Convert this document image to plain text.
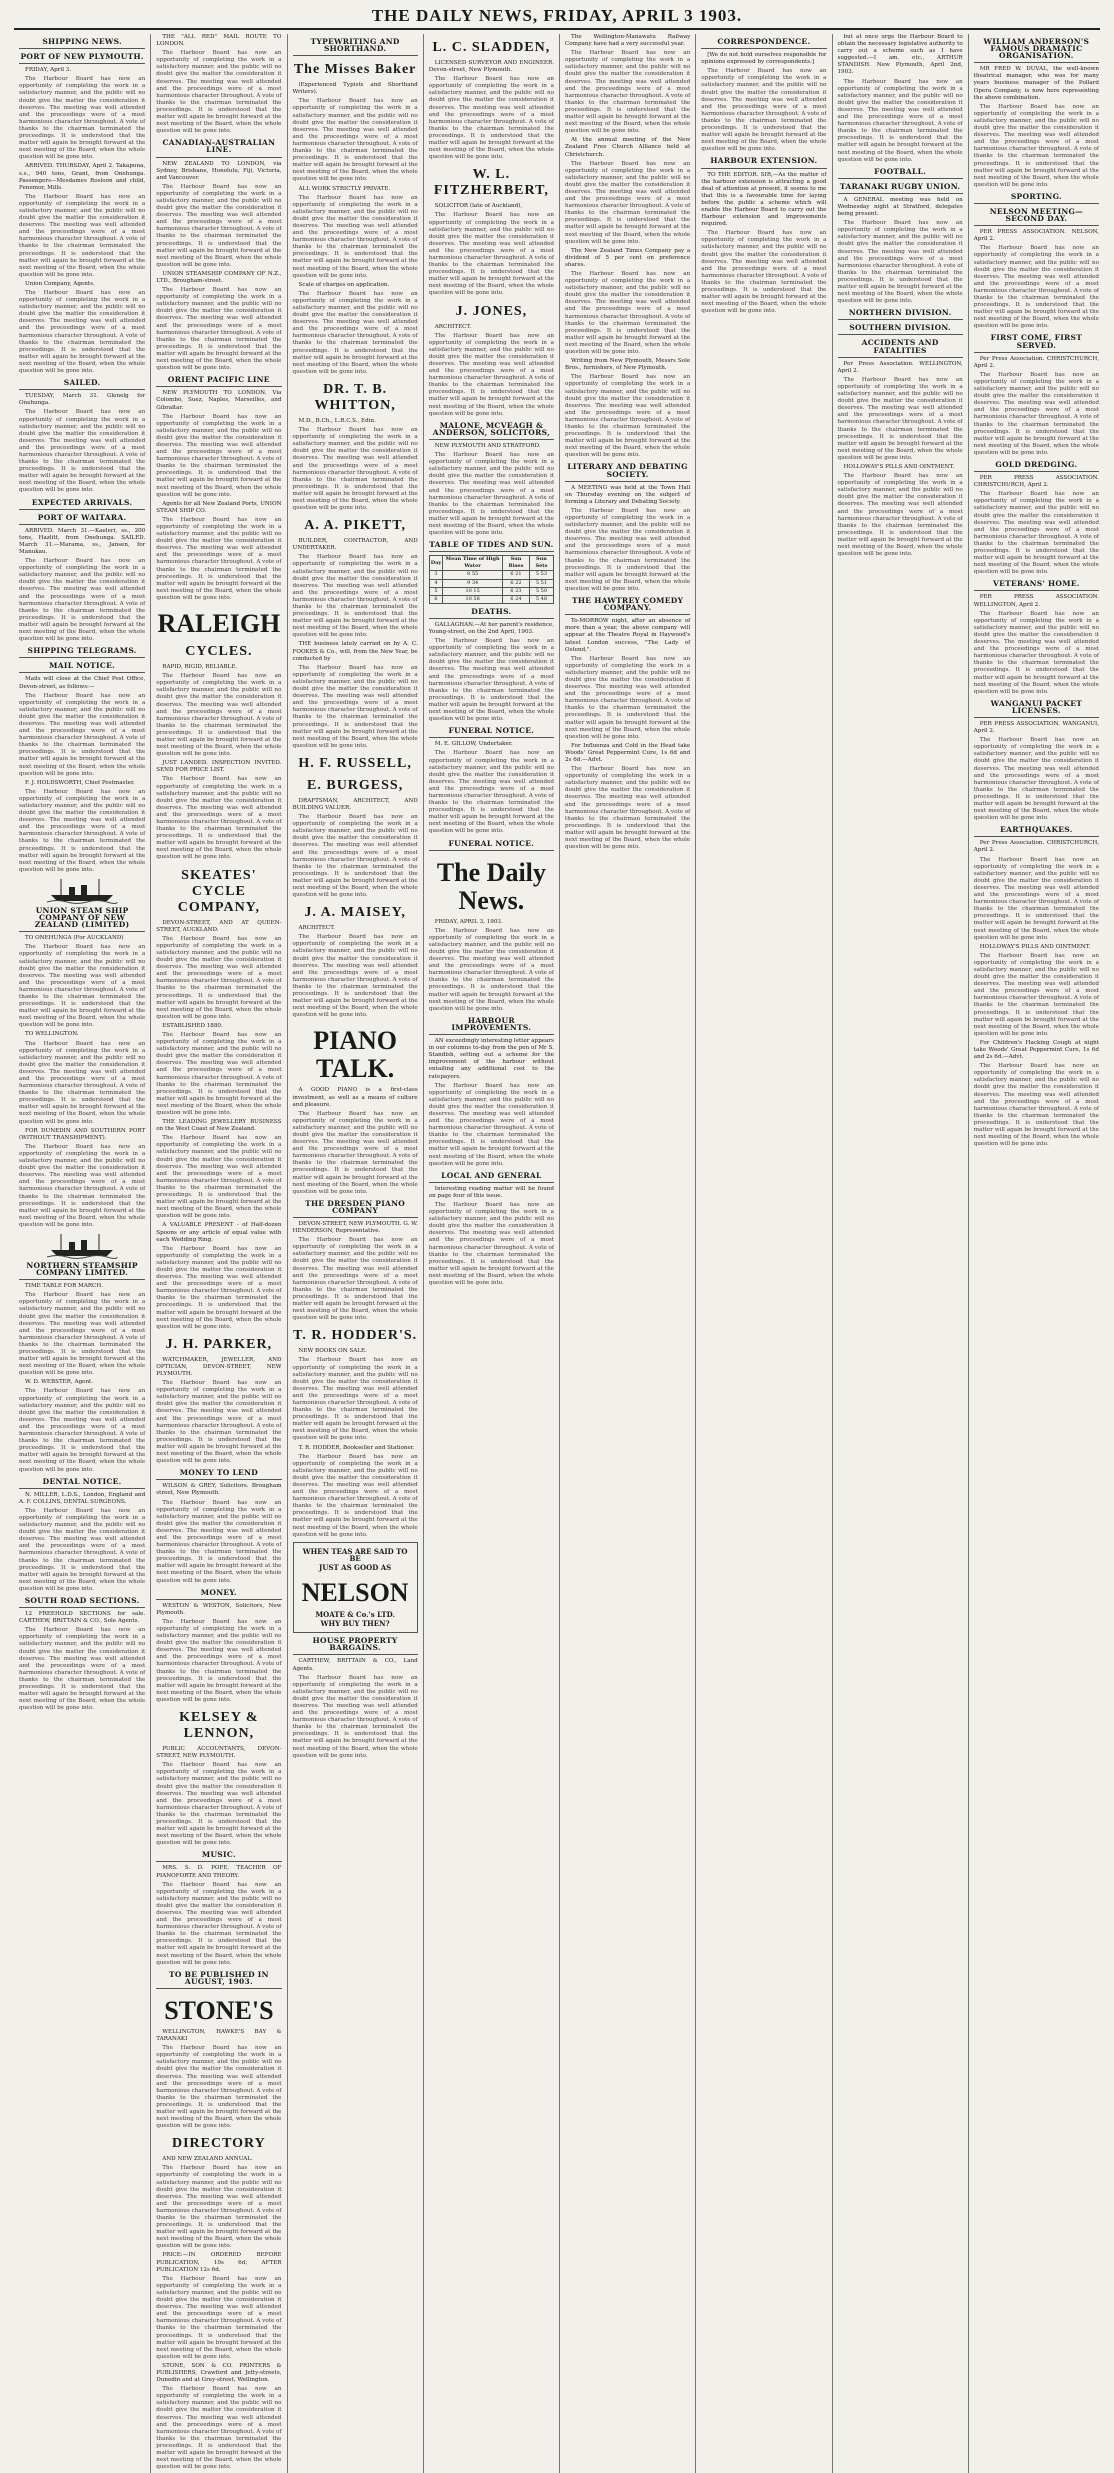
THE DAILY NEWS, FRIDAY, APRIL 3 1903.
SHIPPING NEWS.
PORT OF NEW PLYMOUTH.

FRIDAY, April 3.

The Harbour Board has now an opportunity of completing the work in a satisfactory manner, and the public will no doubt give the matter the consideration it deserves. The meeting was well attended and the proceedings were of a most harmonious character throughout. A vote of thanks to the chairman terminated the proceedings. It is understood that the matter will again be brought forward at the next meeting of the Board, when the whole question will be gone into.

ARRIVED. THURSDAY, April 2. Takapuna, s.s., 940 tons, Grant, from Onehunga. Passengers—Mesdames Rosloon and child, Fenemor, Mills.

The Harbour Board has now an opportunity of completing the work in a satisfactory manner, and the public will no doubt give the matter the consideration it deserves. The meeting was well attended and the proceedings were of a most harmonious character throughout. A vote of thanks to the chairman terminated the proceedings. It is understood that the matter will again be brought forward at the next meeting of the Board, when the whole question will be gone into.

Union Company, Agents.

The Harbour Board has now an opportunity of completing the work in a satisfactory manner, and the public will no doubt give the matter the consideration it deserves. The meeting was well attended and the proceedings were of a most harmonious character throughout. A vote of thanks to the chairman terminated the proceedings. It is understood that the matter will again be brought forward at the next meeting of the Board, when the whole question will be gone into.

SAILED.

TUESDAY, March 31. Glenelg for Onehunga.

The Harbour Board has now an opportunity of completing the work in a satisfactory manner, and the public will no doubt give the matter the consideration it deserves. The meeting was well attended and the proceedings were of a most harmonious character throughout. A vote of thanks to the chairman terminated the proceedings. It is understood that the matter will again be brought forward at the next meeting of the Board, when the whole question will be gone into.

EXPECTED ARRIVALS.
PORT OF WAITARA.

ARRIVED. March 31.—Kaeleri, ss., 200 tons, Hazlitt, from Onehunga. SAILED. March 31.—Marama, ss., Jansen, for Manukau.

The Harbour Board has now an opportunity of completing the work in a satisfactory manner, and the public will no doubt give the matter the consideration it deserves. The meeting was well attended and the proceedings were of a most harmonious character throughout. A vote of thanks to the chairman terminated the proceedings. It is understood that the matter will again be brought forward at the next meeting of the Board, when the whole question will be gone into.

SHIPPING TELEGRAMS.
MAIL NOTICE.

Mails will close at the Chief Post Office, Devon-street, as follows:—

The Harbour Board has now an opportunity of completing the work in a satisfactory manner, and the public will no doubt give the matter the consideration it deserves. The meeting was well attended and the proceedings were of a most harmonious character throughout. A vote of thanks to the chairman terminated the proceedings. It is understood that the matter will again be brought forward at the next meeting of the Board, when the whole question will be gone into.

F. J. HOLDSWORTH, Chief Postmaster.

The Harbour Board has now an opportunity of completing the work in a satisfactory manner, and the public will no doubt give the matter the consideration it deserves. The meeting was well attended and the proceedings were of a most harmonious character throughout. A vote of thanks to the chairman terminated the proceedings. It is understood that the matter will again be brought forward at the next meeting of the Board, when the whole question will be gone into.

UNION STEAM SHIP COMPANY OF NEW ZEALAND (LIMITED)

TO ONEHUNGA (For AUCKLAND)

The Harbour Board has now an opportunity of completing the work in a satisfactory manner, and the public will no doubt give the matter the consideration it deserves. The meeting was well attended and the proceedings were of a most harmonious character throughout. A vote of thanks to the chairman terminated the proceedings. It is understood that the matter will again be brought forward at the next meeting of the Board, when the whole question will be gone into.

TO WELLINGTON.

The Harbour Board has now an opportunity of completing the work in a satisfactory manner, and the public will no doubt give the matter the consideration it deserves. The meeting was well attended and the proceedings were of a most harmonious character throughout. A vote of thanks to the chairman terminated the proceedings. It is understood that the matter will again be brought forward at the next meeting of the Board, when the whole question will be gone into.

FOR DUNEDIN AND SOUTHERN PORT (WITHOUT TRANSHIPMENT).

The Harbour Board has now an opportunity of completing the work in a satisfactory manner, and the public will no doubt give the matter the consideration it deserves. The meeting was well attended and the proceedings were of a most harmonious character throughout. A vote of thanks to the chairman terminated the proceedings. It is understood that the matter will again be brought forward at the next meeting of the Board, when the whole question will be gone into.

NORTHERN STEAMSHIP COMPANY LIMITED.

TIME TABLE FOR MARCH.

The Harbour Board has now an opportunity of completing the work in a satisfactory manner, and the public will no doubt give the matter the consideration it deserves. The meeting was well attended and the proceedings were of a most harmonious character throughout. A vote of thanks to the chairman terminated the proceedings. It is understood that the matter will again be brought forward at the next meeting of the Board, when the whole question will be gone into.

W. D. WEBSTER, Agent.

The Harbour Board has now an opportunity of completing the work in a satisfactory manner, and the public will no doubt give the matter the consideration it deserves. The meeting was well attended and the proceedings were of a most harmonious character throughout. A vote of thanks to the chairman terminated the proceedings. It is understood that the matter will again be brought forward at the next meeting of the Board, when the whole question will be gone into.

DENTAL NOTICE.

N. MILLER, L.D.S., London, England and A. F. COLLINS, DENTAL SURGEONS.

The Harbour Board has now an opportunity of completing the work in a satisfactory manner, and the public will no doubt give the matter the consideration it deserves. The meeting was well attended and the proceedings were of a most harmonious character throughout. A vote of thanks to the chairman terminated the proceedings. It is understood that the matter will again be brought forward at the next meeting of the Board, when the whole question will be gone into.

SOUTH ROAD SECTIONS.

12 FREEHOLD SECTIONS for sale. CARTHEW, BRITTAIN & CO., Sole Agents.

The Harbour Board has now an opportunity of completing the work in a satisfactory manner, and the public will no doubt give the matter the consideration it deserves. The meeting was well attended and the proceedings were of a most harmonious character throughout. A vote of thanks to the chairman terminated the proceedings. It is understood that the matter will again be brought forward at the next meeting of the Board, when the whole question will be gone into.

THE "ALL RED" MAIL ROUTE TO LONDON.

The Harbour Board has now an opportunity of completing the work in a satisfactory manner, and the public will no doubt give the matter the consideration it deserves. The meeting was well attended and the proceedings were of a most harmonious character throughout. A vote of thanks to the chairman terminated the proceedings. It is understood that the matter will again be brought forward at the next meeting of the Board, when the whole question will be gone into.

CANADIAN-AUSTRALIAN LINE.

NEW ZEALAND TO LONDON, via Sydney, Brisbane, Honolulu, Fiji, Victoria, and Vancouver.

The Harbour Board has now an opportunity of completing the work in a satisfactory manner, and the public will no doubt give the matter the consideration it deserves. The meeting was well attended and the proceedings were of a most harmonious character throughout. A vote of thanks to the chairman terminated the proceedings. It is understood that the matter will again be brought forward at the next meeting of the Board, when the whole question will be gone into.

UNION STEAMSHIP COMPANY OF N.Z., LTD., Brougham-street.

The Harbour Board has now an opportunity of completing the work in a satisfactory manner, and the public will no doubt give the matter the consideration it deserves. The meeting was well attended and the proceedings were of a most harmonious character throughout. A vote of thanks to the chairman terminated the proceedings. It is understood that the matter will again be brought forward at the next meeting of the Board, when the whole question will be gone into.

ORIENT PACIFIC LINE

NEW PLYMOUTH TO LONDON. Via Colombo, Suez, Naples, Marseilles, and Gibraltar.

The Harbour Board has now an opportunity of completing the work in a satisfactory manner, and the public will no doubt give the matter the consideration it deserves. The meeting was well attended and the proceedings were of a most harmonious character throughout. A vote of thanks to the chairman terminated the proceedings. It is understood that the matter will again be brought forward at the next meeting of the Board, when the whole question will be gone into.

Agents for all New Zealand Ports, UNION STEAM SHIP CO.

The Harbour Board has now an opportunity of completing the work in a satisfactory manner, and the public will no doubt give the matter the consideration it deserves. The meeting was well attended and the proceedings were of a most harmonious character throughout. A vote of thanks to the chairman terminated the proceedings. It is understood that the matter will again be brought forward at the next meeting of the Board, when the whole question will be gone into.

RALEIGH
CYCLES.

RAPID, RIGID, RELIABLE.

The Harbour Board has now an opportunity of completing the work in a satisfactory manner, and the public will no doubt give the matter the consideration it deserves. The meeting was well attended and the proceedings were of a most harmonious character throughout. A vote of thanks to the chairman terminated the proceedings. It is understood that the matter will again be brought forward at the next meeting of the Board, when the whole question will be gone into.

JUST LANDED. INSPECTION INVITED. SEND FOR PRICE LIST.

The Harbour Board has now an opportunity of completing the work in a satisfactory manner, and the public will no doubt give the matter the consideration it deserves. The meeting was well attended and the proceedings were of a most harmonious character throughout. A vote of thanks to the chairman terminated the proceedings. It is understood that the matter will again be brought forward at the next meeting of the Board, when the whole question will be gone into.

SKEATES' CYCLE COMPANY,

DEVON-STREET, AND AT QUEEN-STREET, AUCKLAND.

The Harbour Board has now an opportunity of completing the work in a satisfactory manner, and the public will no doubt give the matter the consideration it deserves. The meeting was well attended and the proceedings were of a most harmonious character throughout. A vote of thanks to the chairman terminated the proceedings. It is understood that the matter will again be brought forward at the next meeting of the Board, when the whole question will be gone into.

ESTABLISHED 1880.

The Harbour Board has now an opportunity of completing the work in a satisfactory manner, and the public will no doubt give the matter the consideration it deserves. The meeting was well attended and the proceedings were of a most harmonious character throughout. A vote of thanks to the chairman terminated the proceedings. It is understood that the matter will again be brought forward at the next meeting of the Board, when the whole question will be gone into.

THE LEADING JEWELLERY BUSINESS on the West Coast of New Zealand.

The Harbour Board has now an opportunity of completing the work in a satisfactory manner, and the public will no doubt give the matter the consideration it deserves. The meeting was well attended and the proceedings were of a most harmonious character throughout. A vote of thanks to the chairman terminated the proceedings. It is understood that the matter will again be brought forward at the next meeting of the Board, when the whole question will be gone into.

A VALUABLE PRESENT - of Half-dozen Spoons or any article of equal value with each Wedding Ring.

The Harbour Board has now an opportunity of completing the work in a satisfactory manner, and the public will no doubt give the matter the consideration it deserves. The meeting was well attended and the proceedings were of a most harmonious character throughout. A vote of thanks to the chairman terminated the proceedings. It is understood that the matter will again be brought forward at the next meeting of the Board, when the whole question will be gone into.

J. H. PARKER,

WATCHMAKER, JEWELLER, AND OPTICIAN, DEVON-STREET, NEW PLYMOUTH.

The Harbour Board has now an opportunity of completing the work in a satisfactory manner, and the public will no doubt give the matter the consideration it deserves. The meeting was well attended and the proceedings were of a most harmonious character throughout. A vote of thanks to the chairman terminated the proceedings. It is understood that the matter will again be brought forward at the next meeting of the Board, when the whole question will be gone into.

MONEY TO LEND

WILSON & GREY, Solicitors. Brougham street, New Plymouth.

The Harbour Board has now an opportunity of completing the work in a satisfactory manner, and the public will no doubt give the matter the consideration it deserves. The meeting was well attended and the proceedings were of a most harmonious character throughout. A vote of thanks to the chairman terminated the proceedings. It is understood that the matter will again be brought forward at the next meeting of the Board, when the whole question will be gone into.

MONEY.

WESTON & WESTON, Solicitors, New Plymouth.

The Harbour Board has now an opportunity of completing the work in a satisfactory manner, and the public will no doubt give the matter the consideration it deserves. The meeting was well attended and the proceedings were of a most harmonious character throughout. A vote of thanks to the chairman terminated the proceedings. It is understood that the matter will again be brought forward at the next meeting of the Board, when the whole question will be gone into.

KELSEY & LENNON,

PUBLIC ACCOUNTANTS, DEVON-STREET, NEW PLYMOUTH.

The Harbour Board has now an opportunity of completing the work in a satisfactory manner, and the public will no doubt give the matter the consideration it deserves. The meeting was well attended and the proceedings were of a most harmonious character throughout. A vote of thanks to the chairman terminated the proceedings. It is understood that the matter will again be brought forward at the next meeting of the Board, when the whole question will be gone into.

MUSIC.

MRS. S. D. POPE, TEACHER OF PIANOFORTE AND THEORY.

The Harbour Board has now an opportunity of completing the work in a satisfactory manner, and the public will no doubt give the matter the consideration it deserves. The meeting was well attended and the proceedings were of a most harmonious character throughout. A vote of thanks to the chairman terminated the proceedings. It is understood that the matter will again be brought forward at the next meeting of the Board, when the whole question will be gone into.

TO BE PUBLISHED IN AUGUST, 1903.
STONE'S

WELLINGTON, HAWKE'S BAY & TARANAKI

The Harbour Board has now an opportunity of completing the work in a satisfactory manner, and the public will no doubt give the matter the consideration it deserves. The meeting was well attended and the proceedings were of a most harmonious character throughout. A vote of thanks to the chairman terminated the proceedings. It is understood that the matter will again be brought forward at the next meeting of the Board, when the whole question will be gone into.

DIRECTORY

AND NEW ZEALAND ANNUAL.

The Harbour Board has now an opportunity of completing the work in a satisfactory manner, and the public will no doubt give the matter the consideration it deserves. The meeting was well attended and the proceedings were of a most harmonious character throughout. A vote of thanks to the chairman terminated the proceedings. It is understood that the matter will again be brought forward at the next meeting of the Board, when the whole question will be gone into.

PRICE:—IN ORDERED BEFORE PUBLICATION, 10s 6d; AFTER PUBLICATION 12s 6d.

The Harbour Board has now an opportunity of completing the work in a satisfactory manner, and the public will no doubt give the matter the consideration it deserves. The meeting was well attended and the proceedings were of a most harmonious character throughout. A vote of thanks to the chairman terminated the proceedings. It is understood that the matter will again be brought forward at the next meeting of the Board, when the whole question will be gone into.

STONE, SON & CO. PRINTERS & PUBLISHERS, Crawford and Jetty-streets, Dunedin and at Grey-street, Wellington.

The Harbour Board has now an opportunity of completing the work in a satisfactory manner, and the public will no doubt give the matter the consideration it deserves. The meeting was well attended and the proceedings were of a most harmonious character throughout. A vote of thanks to the chairman terminated the proceedings. It is understood that the matter will again be brought forward at the next meeting of the Board, when the whole question will be gone into.

TYPEWRITING AND SHORTHAND.
The Misses Baker

(Experienced Typists and Shorthand Writers).

The Harbour Board has now an opportunity of completing the work in a satisfactory manner, and the public will no doubt give the matter the consideration it deserves. The meeting was well attended and the proceedings were of a most harmonious character throughout. A vote of thanks to the chairman terminated the proceedings. It is understood that the matter will again be brought forward at the next meeting of the Board, when the whole question will be gone into.

ALL WORK STRICTLY PRIVATE.

The Harbour Board has now an opportunity of completing the work in a satisfactory manner, and the public will no doubt give the matter the consideration it deserves. The meeting was well attended and the proceedings were of a most harmonious character throughout. A vote of thanks to the chairman terminated the proceedings. It is understood that the matter will again be brought forward at the next meeting of the Board, when the whole question will be gone into.

Scale of charges on application.

The Harbour Board has now an opportunity of completing the work in a satisfactory manner, and the public will no doubt give the matter the consideration it deserves. The meeting was well attended and the proceedings were of a most harmonious character throughout. A vote of thanks to the chairman terminated the proceedings. It is understood that the matter will again be brought forward at the next meeting of the Board, when the whole question will be gone into.

DR. T. B. WHITTON,

M.D., B.Ch., L.R.C.S., Edin.

The Harbour Board has now an opportunity of completing the work in a satisfactory manner, and the public will no doubt give the matter the consideration it deserves. The meeting was well attended and the proceedings were of a most harmonious character throughout. A vote of thanks to the chairman terminated the proceedings. It is understood that the matter will again be brought forward at the next meeting of the Board, when the whole question will be gone into.

A. A. PIKETT,

BUILDER, CONTRACTOR, AND UNDERTAKER.

The Harbour Board has now an opportunity of completing the work in a satisfactory manner, and the public will no doubt give the matter the consideration it deserves. The meeting was well attended and the proceedings were of a most harmonious character throughout. A vote of thanks to the chairman terminated the proceedings. It is understood that the matter will again be brought forward at the next meeting of the Board, when the whole question will be gone into.

THE business lately carried on by A. C. FOOKES & Co., will, from the New Year, be conducted by

The Harbour Board has now an opportunity of completing the work in a satisfactory manner, and the public will no doubt give the matter the consideration it deserves. The meeting was well attended and the proceedings were of a most harmonious character throughout. A vote of thanks to the chairman terminated the proceedings. It is understood that the matter will again be brought forward at the next meeting of the Board, when the whole question will be gone into.

H. F. RUSSELL,
E. BURGESS,

DRAFTSMAN, ARCHITECT, AND BUILDING VALUER.

The Harbour Board has now an opportunity of completing the work in a satisfactory manner, and the public will no doubt give the matter the consideration it deserves. The meeting was well attended and the proceedings were of a most harmonious character throughout. A vote of thanks to the chairman terminated the proceedings. It is understood that the matter will again be brought forward at the next meeting of the Board, when the whole question will be gone into.

J. A. MAISEY,

ARCHITECT.

The Harbour Board has now an opportunity of completing the work in a satisfactory manner, and the public will no doubt give the matter the consideration it deserves. The meeting was well attended and the proceedings were of a most harmonious character throughout. A vote of thanks to the chairman terminated the proceedings. It is understood that the matter will again be brought forward at the next meeting of the Board, when the whole question will be gone into.

PIANO TALK.

A GOOD PIANO is a first-class investment, as well as a means of culture and pleasure.

The Harbour Board has now an opportunity of completing the work in a satisfactory manner, and the public will no doubt give the matter the consideration it deserves. The meeting was well attended and the proceedings were of a most harmonious character throughout. A vote of thanks to the chairman terminated the proceedings. It is understood that the matter will again be brought forward at the next meeting of the Board, when the whole question will be gone into.

THE DRESDEN PIANO COMPANY

DEVON-STREET, NEW PLYMOUTH. G. W. HENDERSON, Representative.

The Harbour Board has now an opportunity of completing the work in a satisfactory manner, and the public will no doubt give the matter the consideration it deserves. The meeting was well attended and the proceedings were of a most harmonious character throughout. A vote of thanks to the chairman terminated the proceedings. It is understood that the matter will again be brought forward at the next meeting of the Board, when the whole question will be gone into.

T. R. HODDER'S.

NEW BOOKS ON SALE.

The Harbour Board has now an opportunity of completing the work in a satisfactory manner, and the public will no doubt give the matter the consideration it deserves. The meeting was well attended and the proceedings were of a most harmonious character throughout. A vote of thanks to the chairman terminated the proceedings. It is understood that the matter will again be brought forward at the next meeting of the Board, when the whole question will be gone into.

T. R. HODDER, Bookseller and Stationer.

The Harbour Board has now an opportunity of completing the work in a satisfactory manner, and the public will no doubt give the matter the consideration it deserves. The meeting was well attended and the proceedings were of a most harmonious character throughout. A vote of thanks to the chairman terminated the proceedings. It is understood that the matter will again be brought forward at the next meeting of the Board, when the whole question will be gone into.

WHEN TEAS ARE SAID TO BE
JUST AS GOOD AS
NELSON
MOATE & Co.'s LTD.
WHY BUY THEN?
HOUSE PROPERTY BARGAINS.

CARTHEW, BRITTAIN & CO., Land Agents.

The Harbour Board has now an opportunity of completing the work in a satisfactory manner, and the public will no doubt give the matter the consideration it deserves. The meeting was well attended and the proceedings were of a most harmonious character throughout. A vote of thanks to the chairman terminated the proceedings. It is understood that the matter will again be brought forward at the next meeting of the Board, when the whole question will be gone into.

L. C. SLADDEN,

LICENSED SURVEYOR AND ENGINEER. Devon-street, New Plymouth.

The Harbour Board has now an opportunity of completing the work in a satisfactory manner, and the public will no doubt give the matter the consideration it deserves. The meeting was well attended and the proceedings were of a most harmonious character throughout. A vote of thanks to the chairman terminated the proceedings. It is understood that the matter will again be brought forward at the next meeting of the Board, when the whole question will be gone into.

W. L. FITZHERBERT,

SOLICITOR (late of Auckland),

The Harbour Board has now an opportunity of completing the work in a satisfactory manner, and the public will no doubt give the matter the consideration it deserves. The meeting was well attended and the proceedings were of a most harmonious character throughout. A vote of thanks to the chairman terminated the proceedings. It is understood that the matter will again be brought forward at the next meeting of the Board, when the whole question will be gone into.

J. JONES,

ARCHITECT.

The Harbour Board has now an opportunity of completing the work in a satisfactory manner, and the public will no doubt give the matter the consideration it deserves. The meeting was well attended and the proceedings were of a most harmonious character throughout. A vote of thanks to the chairman terminated the proceedings. It is understood that the matter will again be brought forward at the next meeting of the Board, when the whole question will be gone into.

MALONE, MCVEAGH & ANDERSON, SOLICITORS,

NEW PLYMOUTH AND STRATFORD.

The Harbour Board has now an opportunity of completing the work in a satisfactory manner, and the public will no doubt give the matter the consideration it deserves. The meeting was well attended and the proceedings were of a most harmonious character throughout. A vote of thanks to the chairman terminated the proceedings. It is understood that the matter will again be brought forward at the next meeting of the Board, when the whole question will be gone into.

TABLE OF TIDES AND SUN.
Day	Mean Time of High Water	Sun Rises	Sun Sets
3	8 55	6 21	5 53
4	9 34	6 22	5 51
5	10 15	6 23	5 50
6	10 58	6 24	5 48
DEATHS.

GALLAGHAN.—At her parent's residence, Young-street, on the 2nd April, 1903.

The Harbour Board has now an opportunity of completing the work in a satisfactory manner, and the public will no doubt give the matter the consideration it deserves. The meeting was well attended and the proceedings were of a most harmonious character throughout. A vote of thanks to the chairman terminated the proceedings. It is understood that the matter will again be brought forward at the next meeting of the Board, when the whole question will be gone into.

FUNERAL NOTICE.

M. E. GILLOW, Undertaker.

The Harbour Board has now an opportunity of completing the work in a satisfactory manner, and the public will no doubt give the matter the consideration it deserves. The meeting was well attended and the proceedings were of a most harmonious character throughout. A vote of thanks to the chairman terminated the proceedings. It is understood that the matter will again be brought forward at the next meeting of the Board, when the whole question will be gone into.

FUNERAL NOTICE.
The Daily News.

FRIDAY, APRIL 3, 1903.

The Harbour Board has now an opportunity of completing the work in a satisfactory manner, and the public will no doubt give the matter the consideration it deserves. The meeting was well attended and the proceedings were of a most harmonious character throughout. A vote of thanks to the chairman terminated the proceedings. It is understood that the matter will again be brought forward at the next meeting of the Board, when the whole question will be gone into.

HARBOUR IMPROVEMENTS.

AN exceedingly interesting letter appears in our columns to-day from the pen of Mr S. Standish, setting out a scheme for the improvement of the harbour without entailing any additional cost to the ratepayers.

The Harbour Board has now an opportunity of completing the work in a satisfactory manner, and the public will no doubt give the matter the consideration it deserves. The meeting was well attended and the proceedings were of a most harmonious character throughout. A vote of thanks to the chairman terminated the proceedings. It is understood that the matter will again be brought forward at the next meeting of the Board, when the whole question will be gone into.

LOCAL AND GENERAL

Interesting reading matter will be found on page four of this issue.

The Harbour Board has now an opportunity of completing the work in a satisfactory manner, and the public will no doubt give the matter the consideration it deserves. The meeting was well attended and the proceedings were of a most harmonious character throughout. A vote of thanks to the chairman terminated the proceedings. It is understood that the matter will again be brought forward at the next meeting of the Board, when the whole question will be gone into.

The Wellington-Manawatu Railway Company have had a very successful year.

The Harbour Board has now an opportunity of completing the work in a satisfactory manner, and the public will no doubt give the matter the consideration it deserves. The meeting was well attended and the proceedings were of a most harmonious character throughout. A vote of thanks to the chairman terminated the proceedings. It is understood that the matter will again be brought forward at the next meeting of the Board, when the whole question will be gone into.

At the annual meeting of the New Zealand Free Church Alliance held at Christchurch.

The Harbour Board has now an opportunity of completing the work in a satisfactory manner, and the public will no doubt give the matter the consideration it deserves. The meeting was well attended and the proceedings were of a most harmonious character throughout. A vote of thanks to the chairman terminated the proceedings. It is understood that the matter will again be brought forward at the next meeting of the Board, when the whole question will be gone into.

The New Zealand Times Company pay a dividend of 5 per cent on preference shares.

The Harbour Board has now an opportunity of completing the work in a satisfactory manner, and the public will no doubt give the matter the consideration it deserves. The meeting was well attended and the proceedings were of a most harmonious character throughout. A vote of thanks to the chairman terminated the proceedings. It is understood that the matter will again be brought forward at the next meeting of the Board, when the whole question will be gone into.

Writing from New Plymouth, Messrs Sole Bros., furnishers, of New Plymouth.

The Harbour Board has now an opportunity of completing the work in a satisfactory manner, and the public will no doubt give the matter the consideration it deserves. The meeting was well attended and the proceedings were of a most harmonious character throughout. A vote of thanks to the chairman terminated the proceedings. It is understood that the matter will again be brought forward at the next meeting of the Board, when the whole question will be gone into.

LITERARY AND DEBATING SOCIETY.

A MEETING was held at the Town Hall on Thursday evening on the subject of forming a Literary and Debating Society.

The Harbour Board has now an opportunity of completing the work in a satisfactory manner, and the public will no doubt give the matter the consideration it deserves. The meeting was well attended and the proceedings were of a most harmonious character throughout. A vote of thanks to the chairman terminated the proceedings. It is understood that the matter will again be brought forward at the next meeting of the Board, when the whole question will be gone into.

THE HAWTREY COMEDY COMPANY.

To-MORROW night, after an absence of more than a year, the above company will appear at the Theatre Royal in Haywood's latest London success, "The Lady of Ostend,".

The Harbour Board has now an opportunity of completing the work in a satisfactory manner, and the public will no doubt give the matter the consideration it deserves. The meeting was well attended and the proceedings were of a most harmonious character throughout. A vote of thanks to the chairman terminated the proceedings. It is understood that the matter will again be brought forward at the next meeting of the Board, when the whole question will be gone into.

For Influenza and Cold in the Head take Woods' Great Peppermint Cure, 1s 6d and 2s 6d.—Advt.

The Harbour Board has now an opportunity of completing the work in a satisfactory manner, and the public will no doubt give the matter the consideration it deserves. The meeting was well attended and the proceedings were of a most harmonious character throughout. A vote of thanks to the chairman terminated the proceedings. It is understood that the matter will again be brought forward at the next meeting of the Board, when the whole question will be gone into.

CORRESPONDENCE.

[We do not hold ourselves responsible for opinions expressed by correspondents.]

The Harbour Board has now an opportunity of completing the work in a satisfactory manner, and the public will no doubt give the matter the consideration it deserves. The meeting was well attended and the proceedings were of a most harmonious character throughout. A vote of thanks to the chairman terminated the proceedings. It is understood that the matter will again be brought forward at the next meeting of the Board, when the whole question will be gone into.

HARBOUR EXTENSION.

TO THE EDITOR. SIR,—As the matter of the harbour extension is attracting a good deal of attention at present, it seems to me that this is a favourable time for laying before the public a scheme which will enable the Harbour Board to carry out the Harbour extension and improvements required.

The Harbour Board has now an opportunity of completing the work in a satisfactory manner, and the public will no doubt give the matter the consideration it deserves. The meeting was well attended and the proceedings were of a most harmonious character throughout. A vote of thanks to the chairman terminated the proceedings. It is understood that the matter will again be brought forward at the next meeting of the Board, when the whole question will be gone into.

but at once urge the Harbour Board to obtain the necessary legislative authority to carry out a scheme such as I have suggested.—I am, etc., ARTHUR STANDISH. New Plymouth, April 2nd, 1903.

The Harbour Board has now an opportunity of completing the work in a satisfactory manner, and the public will no doubt give the matter the consideration it deserves. The meeting was well attended and the proceedings were of a most harmonious character throughout. A vote of thanks to the chairman terminated the proceedings. It is understood that the matter will again be brought forward at the next meeting of the Board, when the whole question will be gone into.

FOOTBALL.
TARANAKI RUGBY UNION.

A GENERAL meeting was held on Wednesday night at Stratford, delegates being present.

The Harbour Board has now an opportunity of completing the work in a satisfactory manner, and the public will no doubt give the matter the consideration it deserves. The meeting was well attended and the proceedings were of a most harmonious character throughout. A vote of thanks to the chairman terminated the proceedings. It is understood that the matter will again be brought forward at the next meeting of the Board, when the whole question will be gone into.

NORTHERN DIVISION.
SOUTHERN DIVISION.
ACCIDENTS AND FATALITIES

Per Press Association. WELLINGTON, April 2.

The Harbour Board has now an opportunity of completing the work in a satisfactory manner, and the public will no doubt give the matter the consideration it deserves. The meeting was well attended and the proceedings were of a most harmonious character throughout. A vote of thanks to the chairman terminated the proceedings. It is understood that the matter will again be brought forward at the next meeting of the Board, when the whole question will be gone into.

HOLLOWAY'S PILLS AND OINTMENT.

The Harbour Board has now an opportunity of completing the work in a satisfactory manner, and the public will no doubt give the matter the consideration it deserves. The meeting was well attended and the proceedings were of a most harmonious character throughout. A vote of thanks to the chairman terminated the proceedings. It is understood that the matter will again be brought forward at the next meeting of the Board, when the whole question will be gone into.

WILLIAM ANDERSON'S FAMOUS DRAMATIC ORGANISATION.

MR FRED W. DUVAL, the well-known theatrical manager, who was for many years business manager of the Pollard Opera Company, is now here representing the above combination.

The Harbour Board has now an opportunity of completing the work in a satisfactory manner, and the public will no doubt give the matter the consideration it deserves. The meeting was well attended and the proceedings were of a most harmonious character throughout. A vote of thanks to the chairman terminated the proceedings. It is understood that the matter will again be brought forward at the next meeting of the Board, when the whole question will be gone into.

SPORTING.
NELSON MEETING—SECOND DAY.

PER PRESS ASSOCIATION. NELSON, April 2.

The Harbour Board has now an opportunity of completing the work in a satisfactory manner, and the public will no doubt give the matter the consideration it deserves. The meeting was well attended and the proceedings were of a most harmonious character throughout. A vote of thanks to the chairman terminated the proceedings. It is understood that the matter will again be brought forward at the next meeting of the Board, when the whole question will be gone into.

FIRST COME, FIRST SERVED.

Per Press Association. CHRISTCHURCH, April 2.

The Harbour Board has now an opportunity of completing the work in a satisfactory manner, and the public will no doubt give the matter the consideration it deserves. The meeting was well attended and the proceedings were of a most harmonious character throughout. A vote of thanks to the chairman terminated the proceedings. It is understood that the matter will again be brought forward at the next meeting of the Board, when the whole question will be gone into.

GOLD DREDGING.

PER PRESS ASSOCIATION. CHRISTCHURCH, April 2.

The Harbour Board has now an opportunity of completing the work in a satisfactory manner, and the public will no doubt give the matter the consideration it deserves. The meeting was well attended and the proceedings were of a most harmonious character throughout. A vote of thanks to the chairman terminated the proceedings. It is understood that the matter will again be brought forward at the next meeting of the Board, when the whole question will be gone into.

VETERANS' HOME.

PER PRESS ASSOCIATION. WELLINGTON, April 2.

The Harbour Board has now an opportunity of completing the work in a satisfactory manner, and the public will no doubt give the matter the consideration it deserves. The meeting was well attended and the proceedings were of a most harmonious character throughout. A vote of thanks to the chairman terminated the proceedings. It is understood that the matter will again be brought forward at the next meeting of the Board, when the whole question will be gone into.

WANGANUI PACKET LICENSES.

PER PRESS ASSOCIATION. WANGANUI, April 2.

The Harbour Board has now an opportunity of completing the work in a satisfactory manner, and the public will no doubt give the matter the consideration it deserves. The meeting was well attended and the proceedings were of a most harmonious character throughout. A vote of thanks to the chairman terminated the proceedings. It is understood that the matter will again be brought forward at the next meeting of the Board, when the whole question will be gone into.

EARTHQUAKES.

Per Press Association. CHRISTCHURCH, April 2.

The Harbour Board has now an opportunity of completing the work in a satisfactory manner, and the public will no doubt give the matter the consideration it deserves. The meeting was well attended and the proceedings were of a most harmonious character throughout. A vote of thanks to the chairman terminated the proceedings. It is understood that the matter will again be brought forward at the next meeting of the Board, when the whole question will be gone into.

HOLLOWAY'S PILLS AND OINTMENT.

The Harbour Board has now an opportunity of completing the work in a satisfactory manner, and the public will no doubt give the matter the consideration it deserves. The meeting was well attended and the proceedings were of a most harmonious character throughout. A vote of thanks to the chairman terminated the proceedings. It is understood that the matter will again be brought forward at the next meeting of the Board, when the whole question will be gone into.

For Children's Hacking Cough at night take Woods' Great Peppermint Cure, 1s 6d and 2s 6d.—Advt.

The Harbour Board has now an opportunity of completing the work in a satisfactory manner, and the public will no doubt give the matter the consideration it deserves. The meeting was well attended and the proceedings were of a most harmonious character throughout. A vote of thanks to the chairman terminated the proceedings. It is understood that the matter will again be brought forward at the next meeting of the Board, when the whole question will be gone into.
